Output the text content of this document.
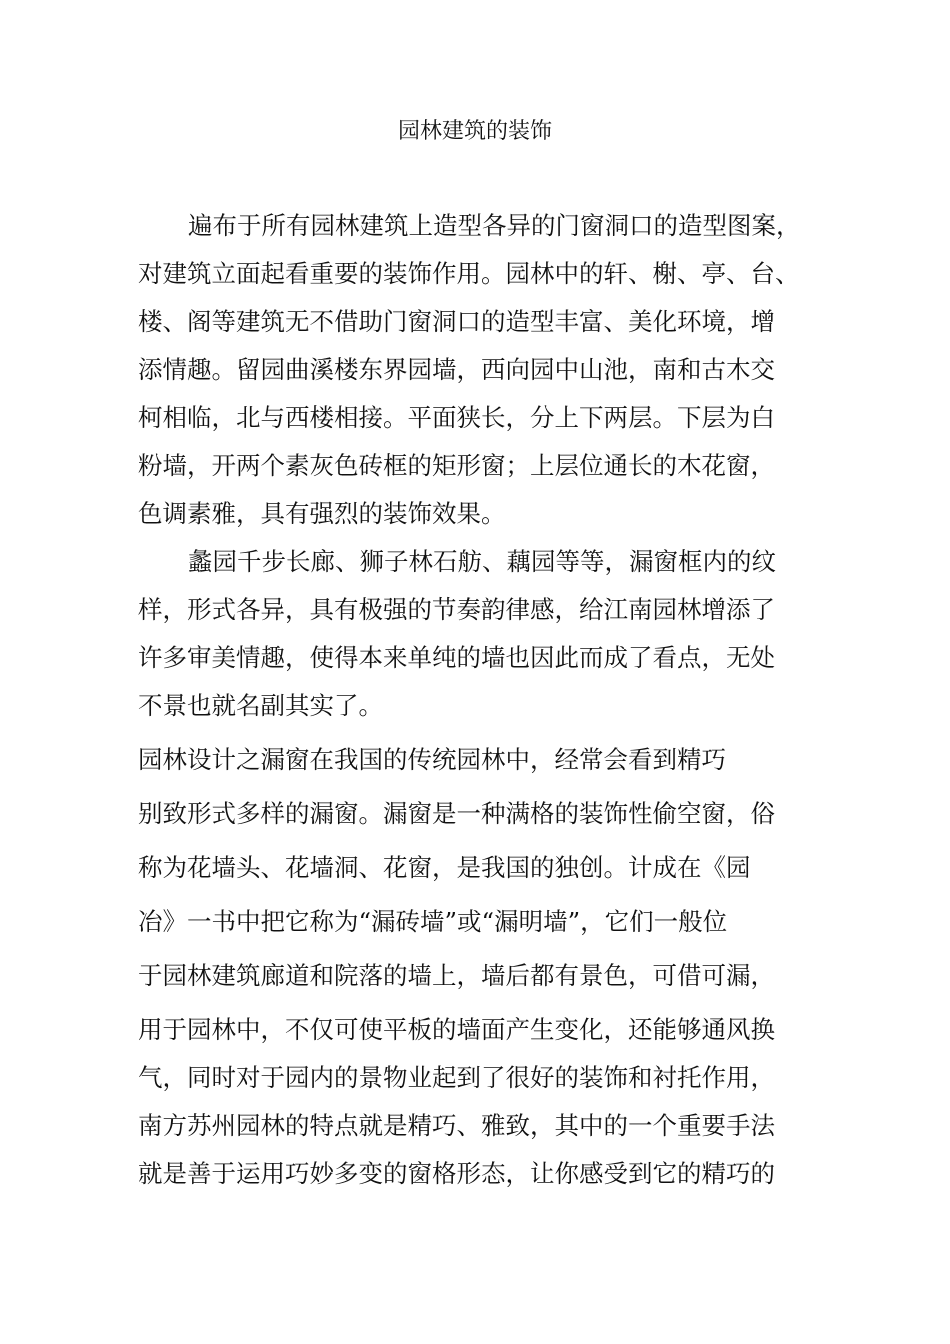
园林建筑的装饰
遍布于所有园林建筑上造型各异的门窗洞口的造型图案，
对建筑立面起看重要的装饰作用。园林中的轩、榭、亭、台、
楼、阁等建筑无不借助门窗洞口的造型丰富、美化环境，增
添情趣。留园曲溪楼东界园墙，西向园中山池，南和古木交
柯相临，北与西楼相接。平面狭长，分上下两层。下层为白
粉墙，开两个素灰色砖框的矩形窗；上层位通长的木花窗，
色调素雅，具有强烈的装饰效果。
蠡园千步长廊、狮子林石舫、藕园等等，漏窗框内的纹
样，形式各异，具有极强的节奏韵律感，给江南园林增添了
许多审美情趣，使得本来单纯的墙也因此而成了看点，无处
不景也就名副其实了。
园林设计之漏窗在我国的传统园林中，经常会看到精巧
别致形式多样的漏窗。漏窗是一种满格的装饰性偷空窗，俗
称为花墙头、花墙洞、花窗，是我国的独创。计成在《园
冶》一书中把它称为“漏砖墙”或“漏明墙”，它们一般位
于园林建筑廊道和院落的墙上，墙后都有景色，可借可漏，
用于园林中，不仅可使平板的墙面产生变化，还能够通风换
气，同时对于园内的景物业起到了很好的装饰和衬托作用，
南方苏州园林的特点就是精巧、雅致，其中的一个重要手法
就是善于运用巧妙多变的窗格形态，让你感受到它的精巧的
